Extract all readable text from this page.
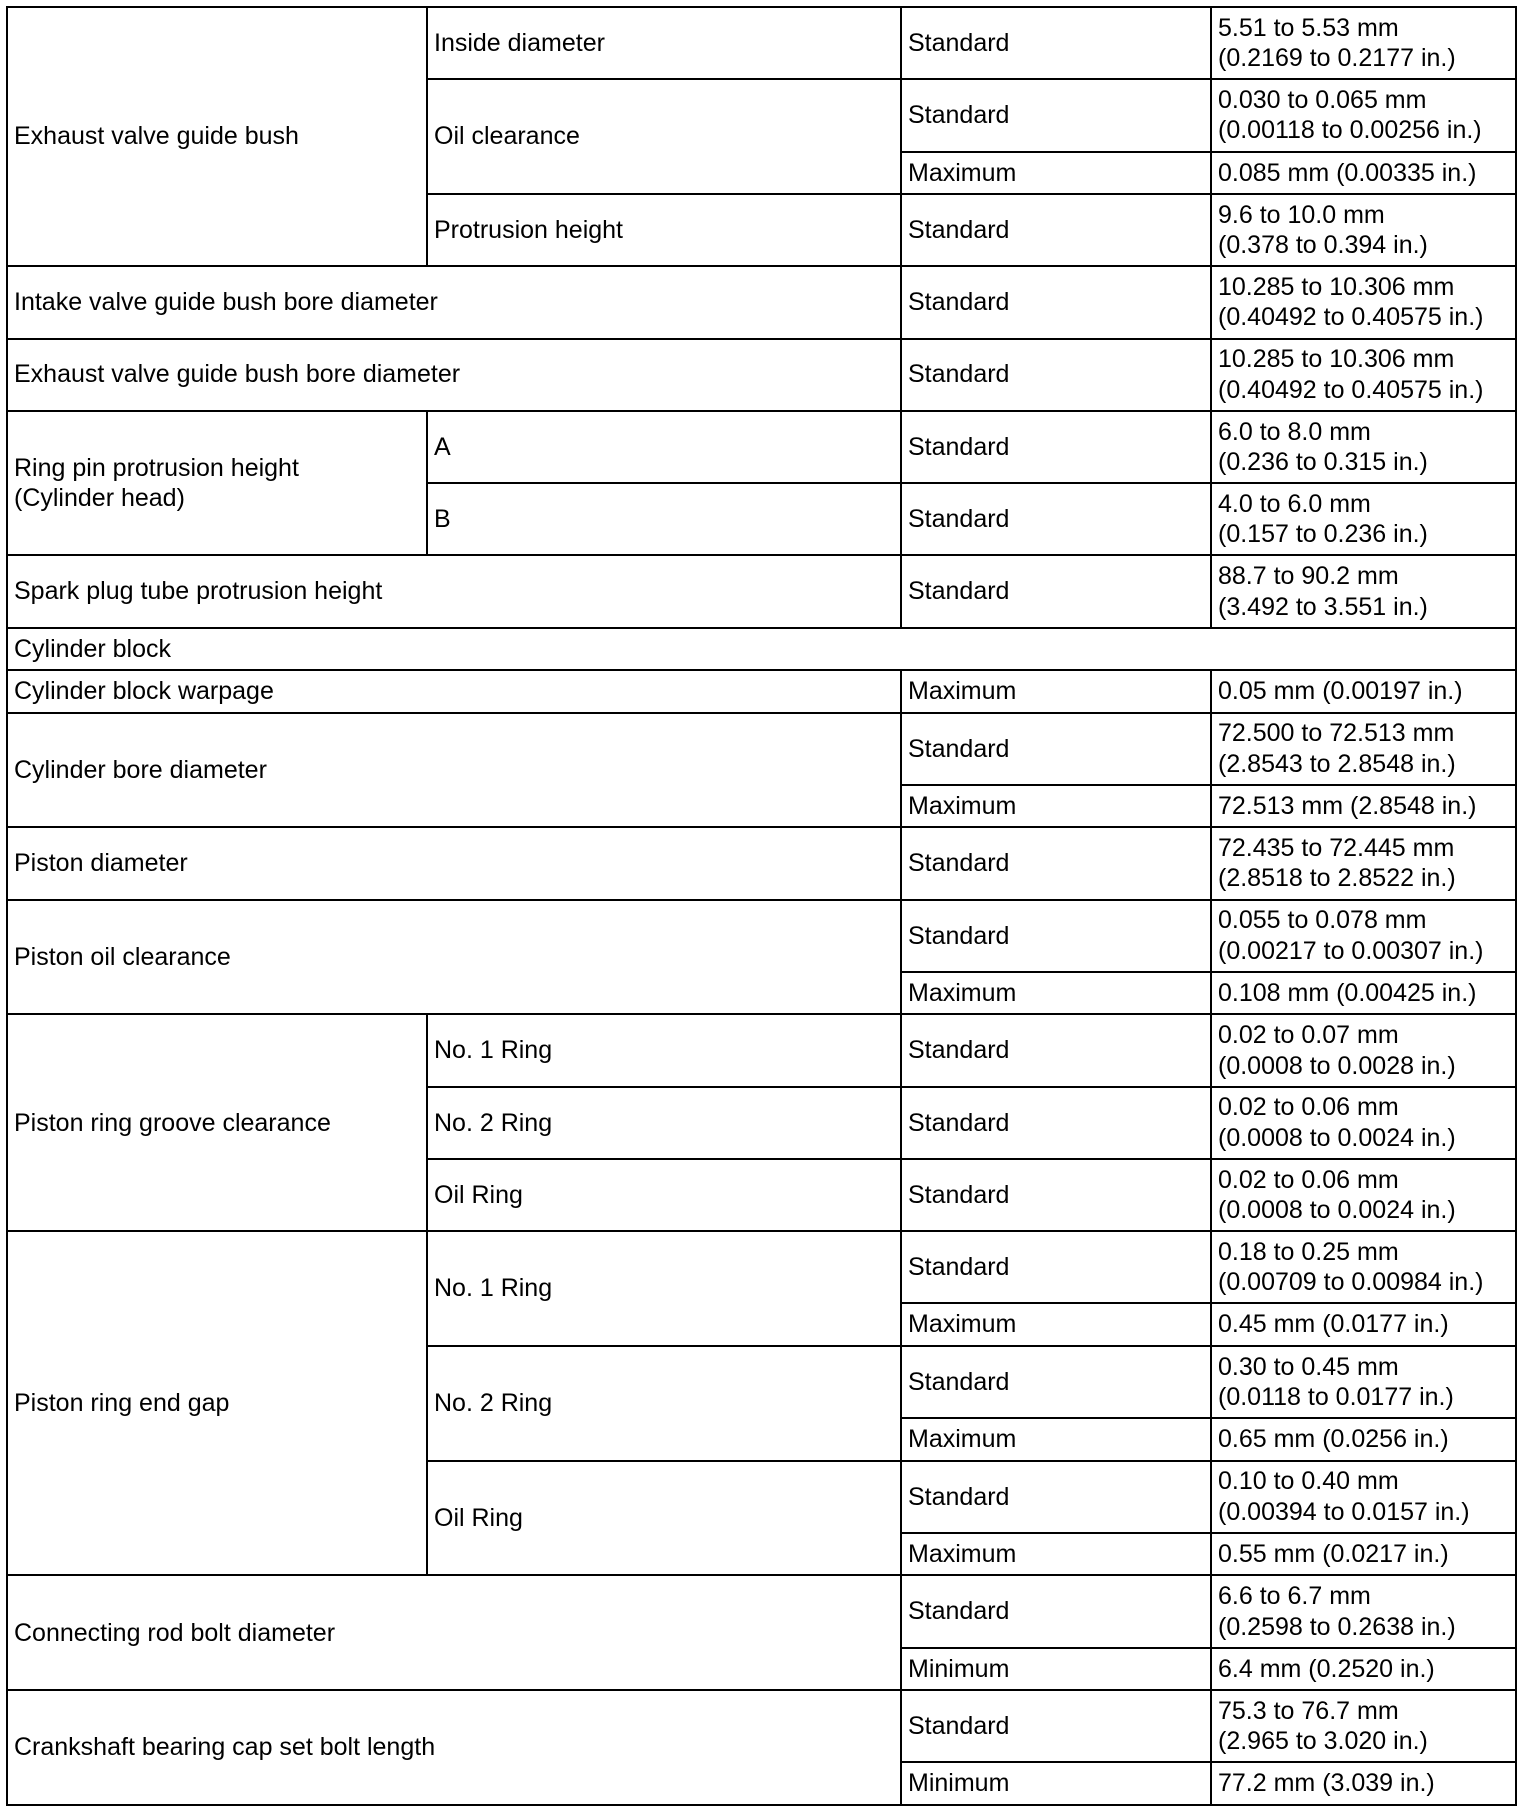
Exhaust valve guide bush	Inside diameter	Standard	5.51 to 5.53 mm
(0.2169 to 0.2177 in.)
	Oil clearance	Standard	0.030 to 0.065 mm
(0.00118 to 0.00256 in.)
		Maximum	0.085 mm (0.00335 in.)
	Protrusion height	Standard	9.6 to 10.0 mm
(0.378 to 0.394 in.)
Intake valve guide bush bore diameter		Standard	10.285 to 10.306 mm
(0.40492 to 0.40575 in.)
Exhaust valve guide bush bore diameter		Standard	10.285 to 10.306 mm
(0.40492 to 0.40575 in.)
Ring pin protrusion height
(Cylinder head)	A	Standard	6.0 to 8.0 mm
(0.236 to 0.315 in.)
	B	Standard	4.0 to 6.0 mm
(0.157 to 0.236 in.)
Spark plug tube protrusion height		Standard	88.7 to 90.2 mm
(3.492 to 3.551 in.)
Cylinder block			
Cylinder block warpage		Maximum	0.05 mm (0.00197 in.)
Cylinder bore diameter		Standard	72.500 to 72.513 mm
(2.8543 to 2.8548 in.)
		Maximum	72.513 mm (2.8548 in.)
Piston diameter		Standard	72.435 to 72.445 mm
(2.8518 to 2.8522 in.)
Piston oil clearance		Standard	0.055 to 0.078 mm
(0.00217 to 0.00307 in.)
		Maximum	0.108 mm (0.00425 in.)
Piston ring groove clearance	No. 1 Ring	Standard	0.02 to 0.07 mm
(0.0008 to 0.0028 in.)
	No. 2 Ring	Standard	0.02 to 0.06 mm
(0.0008 to 0.0024 in.)
	Oil Ring	Standard	0.02 to 0.06 mm
(0.0008 to 0.0024 in.)
Piston ring end gap	No. 1 Ring	Standard	0.18 to 0.25 mm
(0.00709 to 0.00984 in.)
		Maximum	0.45 mm (0.0177 in.)
	No. 2 Ring	Standard	0.30 to 0.45 mm
(0.0118 to 0.0177 in.)
		Maximum	0.65 mm (0.0256 in.)
	Oil Ring	Standard	0.10 to 0.40 mm
(0.00394 to 0.0157 in.)
		Maximum	0.55 mm (0.0217 in.)
Connecting rod bolt diameter		Standard	6.6 to 6.7 mm
(0.2598 to 0.2638 in.)
		Minimum	6.4 mm (0.2520 in.)
Crankshaft bearing cap set bolt length		Standard	75.3 to 76.7 mm
(2.965 to 3.020 in.)
		Minimum	77.2 mm (3.039 in.)
